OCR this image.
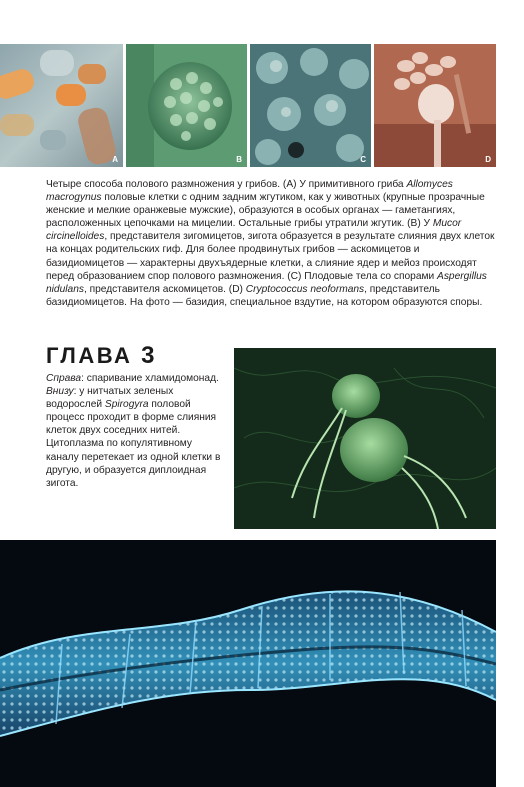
A	B	C	D

Четыре способа полового размножения у грибов. (A) У примитивного гриба Allomyces macrogynus половые клетки с одним задним жгутиком, как у животных (крупные прозрачные женские и мелкие оранжевые мужские), образуются в особых органах — гаметангиях, расположенных цепочками на мицелии. Остальные грибы утратили жгутик. (B) У Mucor circinelloides, представителя зигомицетов, зигота образуется в результате слияния двух клеток на концах родительских гиф. Для более продвинутых грибов — аскомицетов и базидиомицетов — характерны двухъядерные клетки, а слияние ядер и мейоз происходят перед образованием спор полового размножения. (C) Плодовые тела со спорами Aspergillus nidulans, представителя аскомицетов. (D) Cryptococcus neoformans, представитель базидиомицетов. На фото — базидия, специальное вздутие, на котором образуются споры.

ГЛАВА 3

Справа: спаривание хламидомонад.
Внизу: у нитчатых зеленых водорослей Spirogyra половой процесс проходит в форме слияния клеток двух соседних нитей. Цитоплазма по копулятивному каналу перетекает из одной клетки в другую, и образуется диплоидная зигота.
